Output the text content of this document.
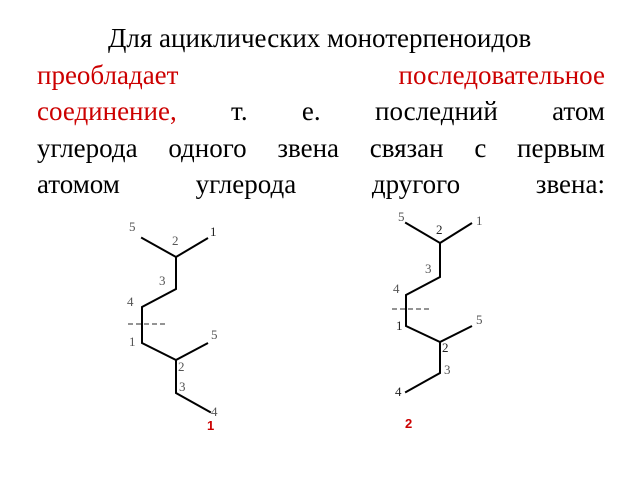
Для ациклических монотерпеноидов
преобладает	последовательное
соединение, т. е. последний атом
углерода одного звена связан с первым
атомом	углерода	другого	звена:
5
2
1
3
4
1	5
2
3
4
1
5
2
1
3
4
1	5
2
3
4
2
